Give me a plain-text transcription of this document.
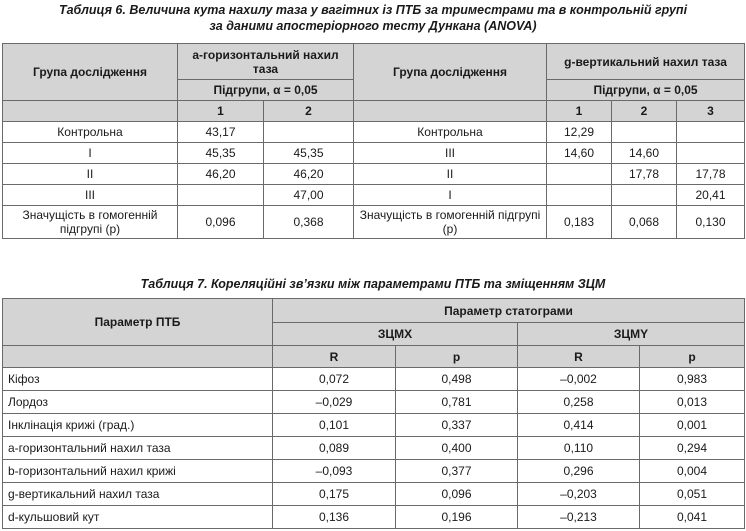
Таблиця 6. Величина кута нахилу таза у вагітних із ПТБ за триместрами та в контрольній групі
за даними апостеріорного тесту Дункана (ANOVA)
Група дослідження	а-горизонтальний нахил таза		Група дослідження	g-вертикальний нахил таза		
	Підгрупи, α = 0,05			Підгрупи, α = 0,05		
	1	2		1	2	3
Контрольна	43,17		Контрольна	12,29		
I	45,35	45,35	III	14,60	14,60	
II	46,20	46,20	II		17,78	17,78
III		47,00	I			20,41
Значущість в гомогенній підгрупі (p)	0,096	0,368	Значущість в гомогенній підгрупі (p)	0,183	0,068	0,130
Таблиця 7. Кореляційні зв’язки між параметрами ПТБ та зміщенням ЗЦМ
Параметр ПТБ	Параметр статограми			
	ЗЦМX		ЗЦМY	
	R	p	R	p
Кіфоз	0,072	0,498	–0,002	0,983
Лордоз	–0,029	0,781	0,258	0,013
Інклінація крижі (град.)	0,101	0,337	0,414	0,001
а-горизонтальний нахил таза	0,089	0,400	0,110	0,294
b-горизонтальний нахил крижі	–0,093	0,377	0,296	0,004
g-вертикальний нахил таза	0,175	0,096	–0,203	0,051
d-кульшовий кут	0,136	0,196	–0,213	0,041
